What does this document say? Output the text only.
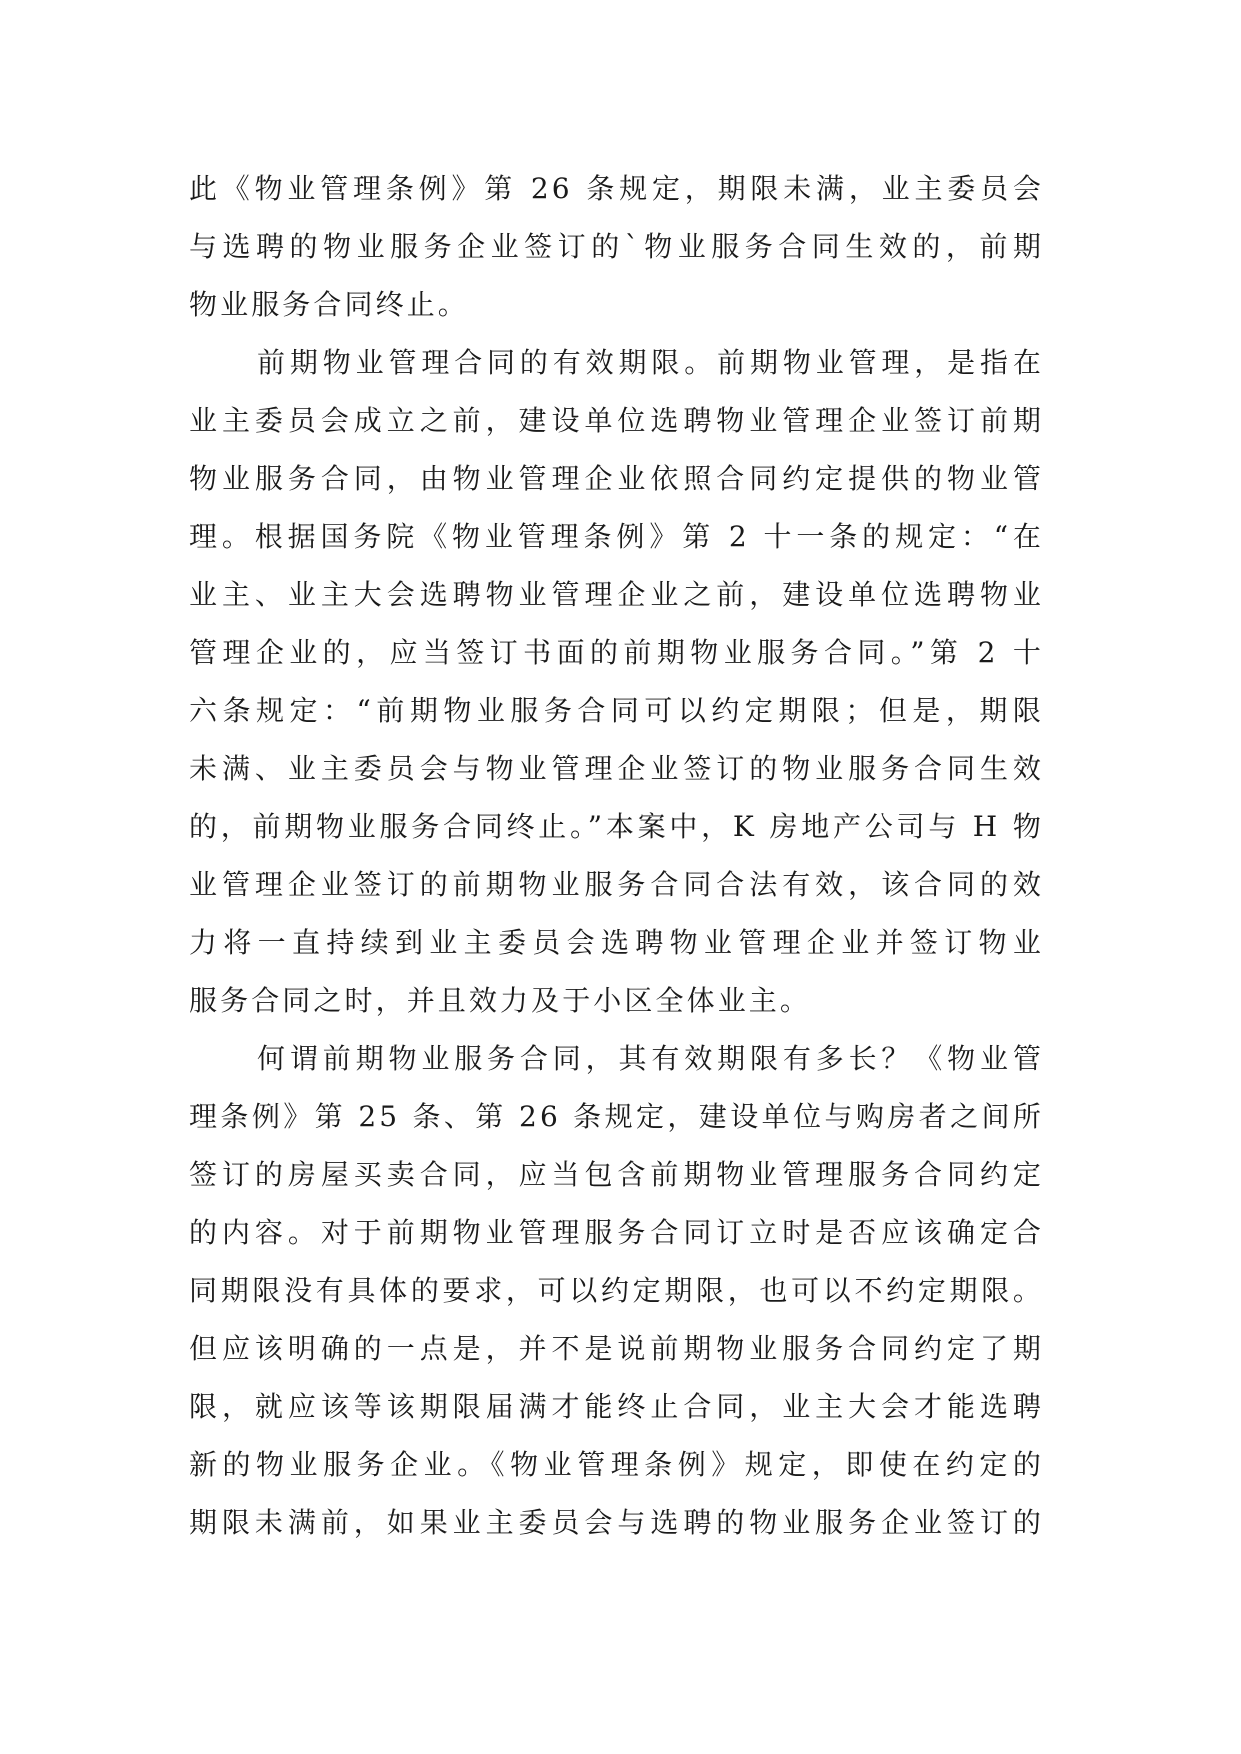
此《物业管理条例》第 26 条规定，期限未满，业主委员会
与选聘的物业服务企业签订的`物业服务合同生效的，前期
物业服务合同终止。
前期物业管理合同的有效期限。前期物业管理，是指在
业主委员会成立之前，建设单位选聘物业管理企业签订前期
物业服务合同，由物业管理企业依照合同约定提供的物业管
理。根据国务院《物业管理条例》第 2 十一条的规定：“在
业主、业主大会选聘物业管理企业之前，建设单位选聘物业
管理企业的，应当签订书面的前期物业服务合同。”第 2 十
六条规定：“前期物业服务合同可以约定期限；但是，期限
未满、业主委员会与物业管理企业签订的物业服务合同生效
的，前期物业服务合同终止。”本案中，K 房地产公司与 H 物
业管理企业签订的前期物业服务合同合法有效，该合同的效
力将一直持续到业主委员会选聘物业管理企业并签订物业
服务合同之时，并且效力及于小区全体业主。
何谓前期物业服务合同，其有效期限有多长？《物业管
理条例》第 25 条、第 26 条规定，建设单位与购房者之间所
签订的房屋买卖合同，应当包含前期物业管理服务合同约定
的内容。对于前期物业管理服务合同订立时是否应该确定合
同期限没有具体的要求，可以约定期限，也可以不约定期限。
但应该明确的一点是，并不是说前期物业服务合同约定了期
限，就应该等该期限届满才能终止合同，业主大会才能选聘
新的物业服务企业。《物业管理条例》规定，即使在约定的
期限未满前，如果业主委员会与选聘的物业服务企业签订的
